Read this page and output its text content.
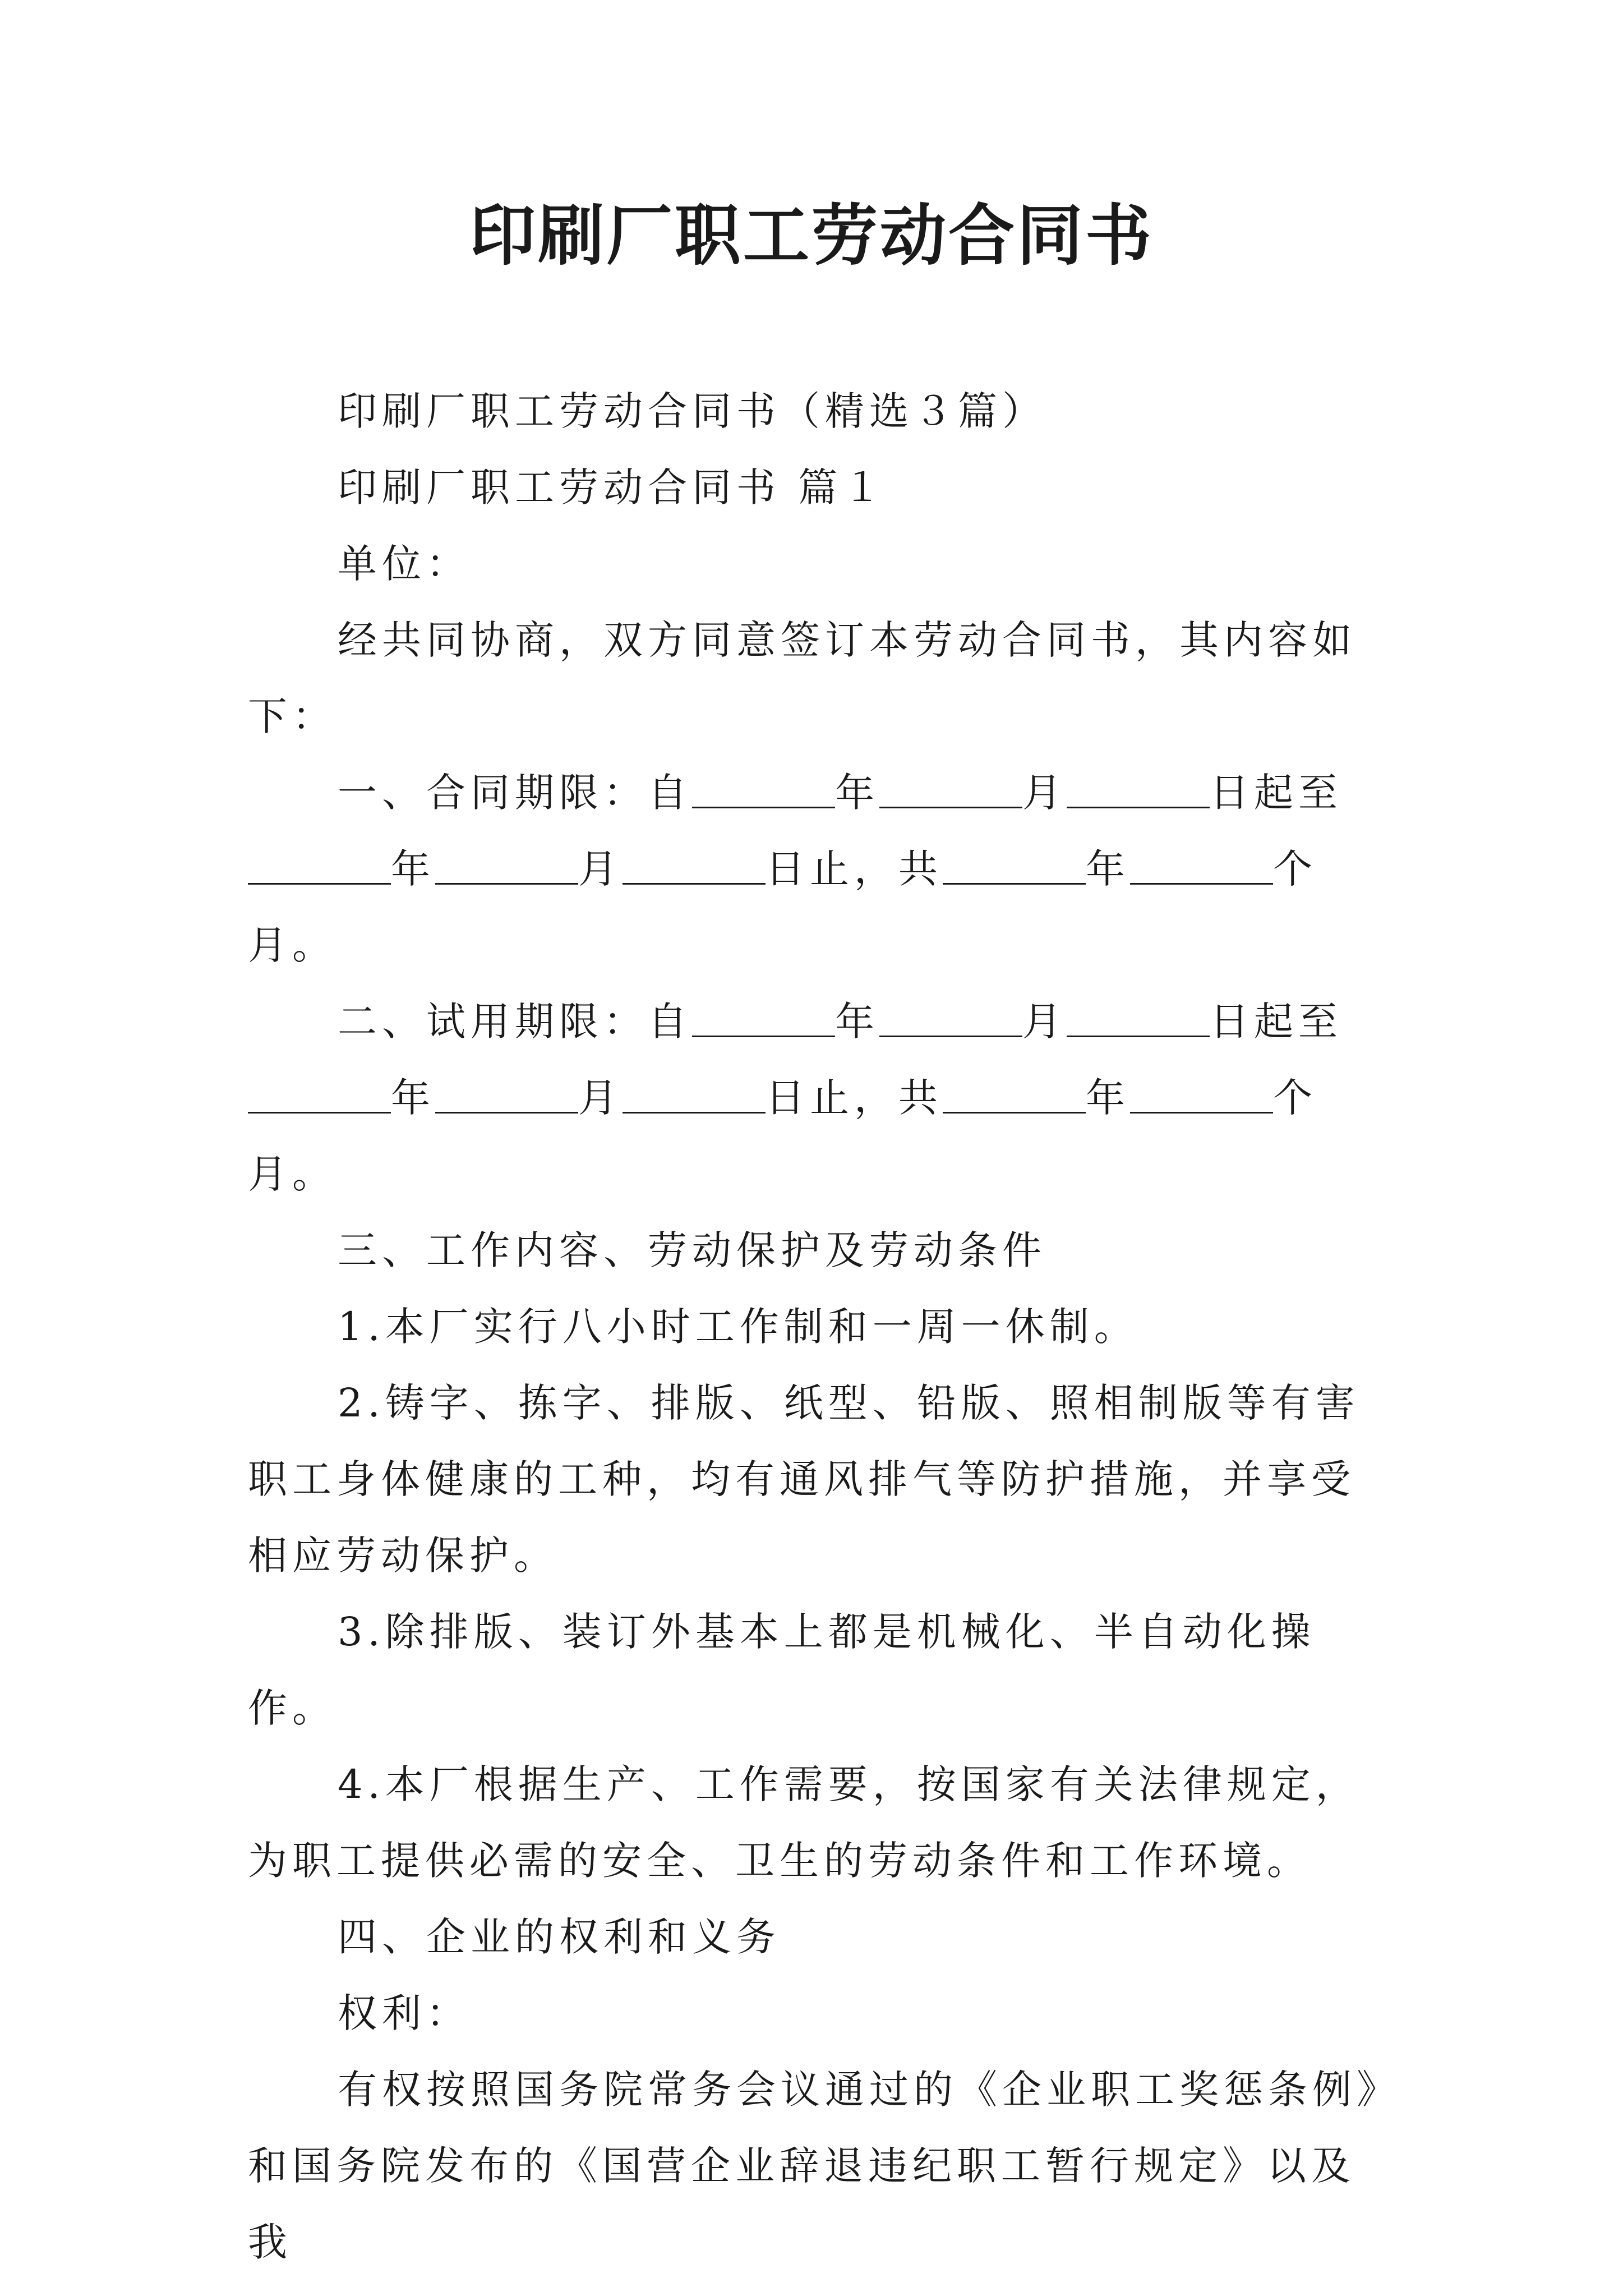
印刷厂职工劳动合同书

印刷厂职工劳动合同书（精选３篇）

印刷厂职工劳动合同书 篇１

单位：

经共同协商，双方同意签订本劳动合同书，其内容如下：

一、合同期限：自	年	月	日起至年	月	日止，共	年	个月。

二、试用期限：自	年	月	日起至年	月	日止，共	年	个月。

三、工作内容、劳动保护及劳动条件

1.本厂实行八小时工作制和一周一休制。

2.铸字、拣字、排版、纸型、铅版、照相制版等有害职工身体健康的工种，均有通风排气等防护措施，并享受相应劳动保护。

3.除排版、装订外基本上都是机械化、半自动化操作。

4.本厂根据生产、工作需要，按国家有关法律规定，为职工提供必需的安全、卫生的劳动条件和工作环境。

四、企业的权利和义务

权利：

有权按照国务院常务会议通过的《企业职工奖惩条例》和国务院发布的《国营企业辞退违纪职工暂行规定》以及我
